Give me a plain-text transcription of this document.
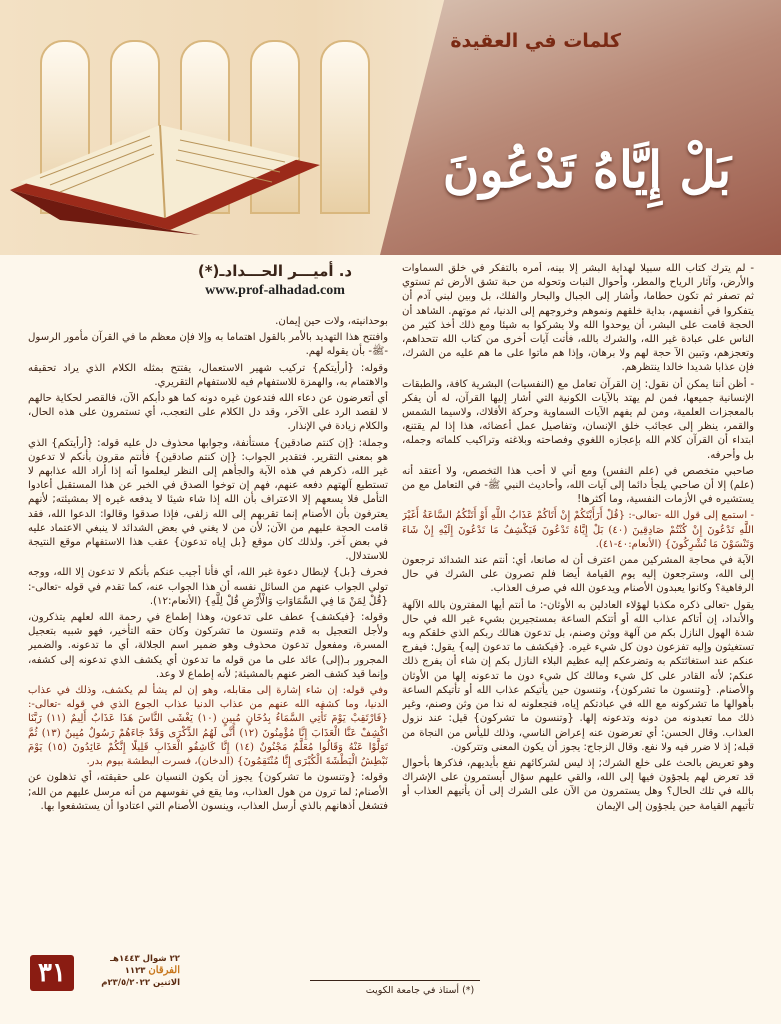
كلمات في العقيدة
بَلْ إِيَّاهُ تَدْعُونَ
د. أميـــر الحـــدادـ(*)
www.prof-alhadad.com

- لم يترك كتاب الله سبيلا لهداية البشر إلا بينه، أمره بالتفكر في خلق السماوات والأرض، وآثار الرياح والمطر، وأحوال النبات وتحوله من حبة تشق الأرض ثم تستوي ثم تصفر ثم تكون حطاما، وأشار إلى الجبال والبحار والفلك، بل وبين لبني آدم أن يتفكروا في أنفسهم، بداية خلقهم ونموهم وخروجهم إلى الدنيا، ثم موتهم. الشاهد أن الحجة قامت على البشر، أن يوحدوا الله ولا يشركوا به شيئا ومع ذلك أخذ كثير من الناس على عبادة غير الله، والشرك بالله، فأتت آيات أخرى من كتاب الله تتحداهم، وتعجزهم، وتبين الآ حجة لهم ولا برهان، وإذا هم ماتوا على ما هم عليه من الشرك، فإن عذابا شديدا خالدا ينتظرهم.

- أظن أننا يمكن أن نقول: إن القرآن تعامل مع (النفسيات) البشرية كافة، والطبقات الإنسانية جميعها، فمن لم يهتد بالآيات الكونية التي أشار إليها القرآن، له أن يفكر بالمعجزات العلمية، ومن لم يفهم الآيات السماوية وحركة الأفلاك، ولاسيما الشمس والقمر، ينظر إلى عجائب خلق الإنسان، وتفاصيل عمل أعضائه، هذا إذا لم يقتنع، ابتداء أن القرآن كلام الله بإعجازه اللغوي وفصاحته وبلاغته وتراكيب كلماته وجمله، بل وأحرفه.

صاحبي متخصص في (علم النفس) ومع أني لا أحب هذا التخصص، ولا أعتقد أنه (علم) إلا أن صاحبي يلجأ دائما إلى آيات الله، وأحاديث النبي ﷺ- في التعامل مع من يستشيره في الأزمات النفسية، وما أكثرها!

- استمع إلى قول الله -تعالى-: {قُلْ أَرَأَيْتَكُمْ إِنْ أَتَاكُمْ عَذَابُ اللَّهِ أَوْ أَتَتْكُمُ السَّاعَةُ أَغَيْرَ اللَّهِ تَدْعُونَ إِنْ كُنْتُمْ صَادِقِينَ (٤٠) بَلْ إِيَّاهُ تَدْعُونَ فَيَكْشِفُ مَا تَدْعُونَ إِلَيْهِ إِنْ شَاءَ وَتَنْسَوْنَ مَا تُشْرِكُونَ} (الأنعام:٤٠-٤١).

الآية في محاجة المشركين ممن اعترف أن له صانعا، أي: أنتم عند الشدائد ترجعون إلى الله، وسترجعون إليه يوم القيامة أيضا فلم تصرون على الشرك في حال الرفاهية؟ وكانوا يعبدون الأصنام ويدعون الله في صرف العذاب.

يقول -تعالى ذكره مكذبا لهؤلاء العادلين به الأوثان-: ما أنتم أيها المفترون بالله الآلهة والأنداد، إن أتاكم عذاب الله أو أتتكم الساعة بمستجيرين بشيء غير الله في حال شدة الهول النازل بكم من آلهة ووثن وصنم، بل تدعون هنالك ربكم الذي خلقكم وبه تستغيثون وإليه تفزعون دون كل شيء غيره. {فيكشف ما تدعون إليه} يقول: فيفرج عنكم عند استغاثتكم به وتضرعكم إليه عظيم البلاء النازل بكم إن شاء أن يفرج ذلك عنكم; لأنه القادر على كل شيء ومالك كل شيء دون ما تدعونه إلها من الأوثان والأصنام. {وتنسون ما تشركون}، وتنسون حين يأتيكم عذاب الله أو تأتيكم الساعة بأهوالها ما تشركونه مع الله في عبادتكم إياه، فتجعلونه له ندا من وثن وصنم، وغير ذلك مما تعبدونه من دونه وتدعونه إلها. {وتنسون ما تشركون} قيل: عند نزول العذاب. وقال الحسن: أي تعرضون عنه إعراض الناسي، وذلك لليأس من النجاة من قبله; إذ لا ضرر فيه ولا نفع. وقال الزجاج: يجوز أن يكون المعنى وتتركون.

وهو تعريض بالحث على خلع الشرك; إذ ليس لشركائهم نفع بأيديهم، فذكرها بأحوال قد تعرض لهم يلجؤون فيها إلى الله، والقي عليهم سؤال أيستمرون على الإشراك بالله في تلك الحال؟ وهل يستمرون من الآن على الشرك إلى أن يأتيهم العذاب أو تأتيهم القيامة حين يلجؤون إلى الإيمان

بوحدانيته، ولات حين إيمان.

وافتتح هذا التهديد بالأمر بالقول اهتماما به وإلا فإن معظم ما في القرآن مأمور الرسول -ﷺ- بأن يقوله لهم.

وقوله: {أرأيتكم} تركيب شهير الاستعمال، يفتتح بمثله الكلام الذي يراد تحقيقه والاهتمام به، والهمزة للاستفهام فيه للاستفهام التقريري.

أي أتعرضون عن دعاء الله فتدعون غيره دونه كما هو دأبكم الآن، فالقصر لحكاية حالهم لا لقصد الرد على الآخر، وقد دل الكلام على التعجب، أي تستمرون على هذه الحال، والكلام زيادة في الإنذار.

وجملة: {إن كنتم صادقين} مستأنفة، وجوابها محذوف دل عليه قوله: {أرأيتكم} الذي هو بمعنى التقرير. فتقدير الجواب: {إن كنتم صادقين} فأنتم مقرون بأنكم لا تدعون غير الله، ذكرهم في هذه الآية والجأهم إلى النظر ليعلموا أنه إذا أراد الله عذابهم لا تستطيع آلهتهم دفعه عنهم، فهم إن توخوا الصدق في الخبر عن هذا المستقبل أعادوا التأمل فلا يسعهم إلا الاعتراف بأن الله إذا شاء شيئا لا يدفعه غيره إلا بمشيئته; لأنهم يعترفون بأن الأصنام إنما تقربهم إلى الله زلفى، فإذا صدقوا وقالوا: الدعوا الله، فقد قامت الحجة عليهم من الآن; لأن من لا يغني في بعض الشدائد لا ينبغي الاعتماد عليه في بعض آخر. ولذلك كان موقع {بل إياه تدعون} عقب هذا الاستفهام موقع النتيجة للاستدلال.

فحرف {بل} لإبطال دعوة غير الله، أي فأنا أجيب عنكم بأنكم لا تدعون إلا الله، ووجه تولي الجواب عنهم من السائل نفسه أن هذا الجواب عنه، كما تقدم في قوله -تعالى-: {قُلْ لِمَنْ مَا فِي السَّمَاوَاتِ وَالْأَرْضِ قُلْ لِلَّهِ} (الأنعام:١٢).

وقوله: {فيكشف} عطف على تدعون، وهذا إطماع في رحمة الله لعلهم يتذكرون، ولأجل التعجيل به قدم وتنسون ما تشركون وكان حقه التأخير، فهو شبيه بتعجيل المسرة، ومفعول تدعون محذوف وهو ضمير اسم الجلالة، أي ما تدعونه. والضمير المجرور بـ(إلى) عائد على ما من قوله ما تدعون أي يكشف الذي تدعونه إلى كشفه، وإنما قيد كشف الضر عنهم بالمشيئة; لأنه إطماع لا وعد.

وفي قوله: إن شاء إشارة إلى مقابله، وهو إن لم يشأ لم يكشف، وذلك في عذاب الدنيا، وما كشفه الله عنهم من عذاب الدنيا عذاب الجوع الذي في قوله -تعالى-: {فَارْتَقِبْ يَوْمَ تَأْتِي السَّمَاءُ بِدُخَانٍ مُبِينٍ (١٠) يَغْشَى النَّاسَ هَذَا عَذَابٌ أَلِيمٌ (١١) رَبَّنَا اكْشِفْ عَنَّا الْعَذَابَ إِنَّا مُؤْمِنُونَ (١٢) أَنَّى لَهُمُ الذِّكْرَى وَقَدْ جَاءَهُمْ رَسُولٌ مُبِينٌ (١٣) ثُمَّ تَوَلَّوْا عَنْهُ وَقَالُوا مُعَلَّمٌ مَجْنُونٌ (١٤) إِنَّا كَاشِفُو الْعَذَابِ قَلِيلًا إِنَّكُمْ عَائِدُونَ (١٥) يَوْمَ نَبْطِشُ الْبَطْشَةَ الْكُبْرَى إِنَّا مُنْتَقِمُونَ} (الدخان)، فسرت البطشة بيوم بدر.

وقوله: {وتنسون ما تشركون} يجوز أن يكون النسيان على حقيقته، أي تذهلون عن الأصنام; لما ترون من هول العذاب، وما يقع في نفوسهم من أنه مرسل عليهم من الله; فتشغل أذهانهم بالذي أرسل العذاب، وينسون الأصنام التي اعتادوا أن يستشفعوا بها.

٣١	٢٢ شوال ١٤٤٣هـ
الفرقان ١١٢٣
الاثنين ٢٣/٥/٢٠٢٢م
(*) أستاذ في جامعة الكويت
